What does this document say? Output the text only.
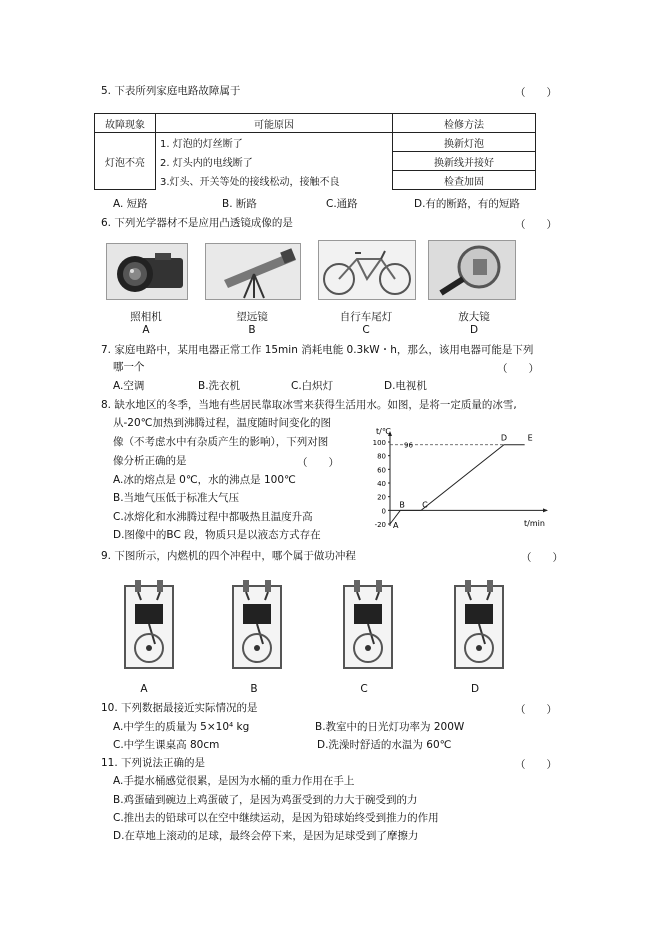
5. 下表所列家庭电路故障属于	（　　）
故障现象	可能原因	检修方法
灯泡不亮	1. 灯泡的灯丝断了	换新灯泡
	2. 灯头内的电线断了	换新线并接好
	3.灯头、开关等处的接线松动，接触不良	检查加固
A. 短路	B. 断路	C.通路	D.有的断路，有的短路
6. 下列光学器材不是应用凸透镜成像的是	（　　）
照相机	望远镜	自行车尾灯	放大镜
A	B	C	D
7. 家庭电路中，某用电器正常工作 15min 消耗电能 0.3kW・h，那么，该用电器可能是下列
哪一个	（　　）
A.空调	B.洗衣机	C.白炽灯	D.电视机
8. 缺水地区的冬季，当地有些居民靠取冰雪来获得生活用水。如图，是将一定质量的冰雪,
从-20℃加热到沸腾过程，温度随时间变化的图
像（不考虑水中有杂质产生的影响），下列对图
像分析正确的是	（　　）
A.冰的熔点是 0℃，水的沸点是 100℃
B.当地气压低于标准大气压
C.冰熔化和水沸腾过程中都吸热且温度升高
D.图像中的BC 段，物质只是以液态方式存在
-20
0
20
40
60
80
100	96
A
B C
D	E
t/℃
t/min
9. 下图所示，内燃机的四个冲程中，哪个属于做功冲程	（　　）
A	B	C	D
10. 下列数据最接近实际情况的是	（　　）
A.中学生的质量为 5×10⁴ kg	B.教室中的日光灯功率为 200W
C.中学生课桌高 80cm	D.洗澡时舒适的水温为 60℃
11. 下列说法正确的是	（　　）
A.手提水桶感觉很累，是因为水桶的重力作用在手上
B.鸡蛋磕到碗边上鸡蛋破了，是因为鸡蛋受到的力大于碗受到的力
C.推出去的铅球可以在空中继续运动，是因为铅球始终受到推力的作用
D.在草地上滚动的足球，最终会停下来，是因为足球受到了摩擦力
